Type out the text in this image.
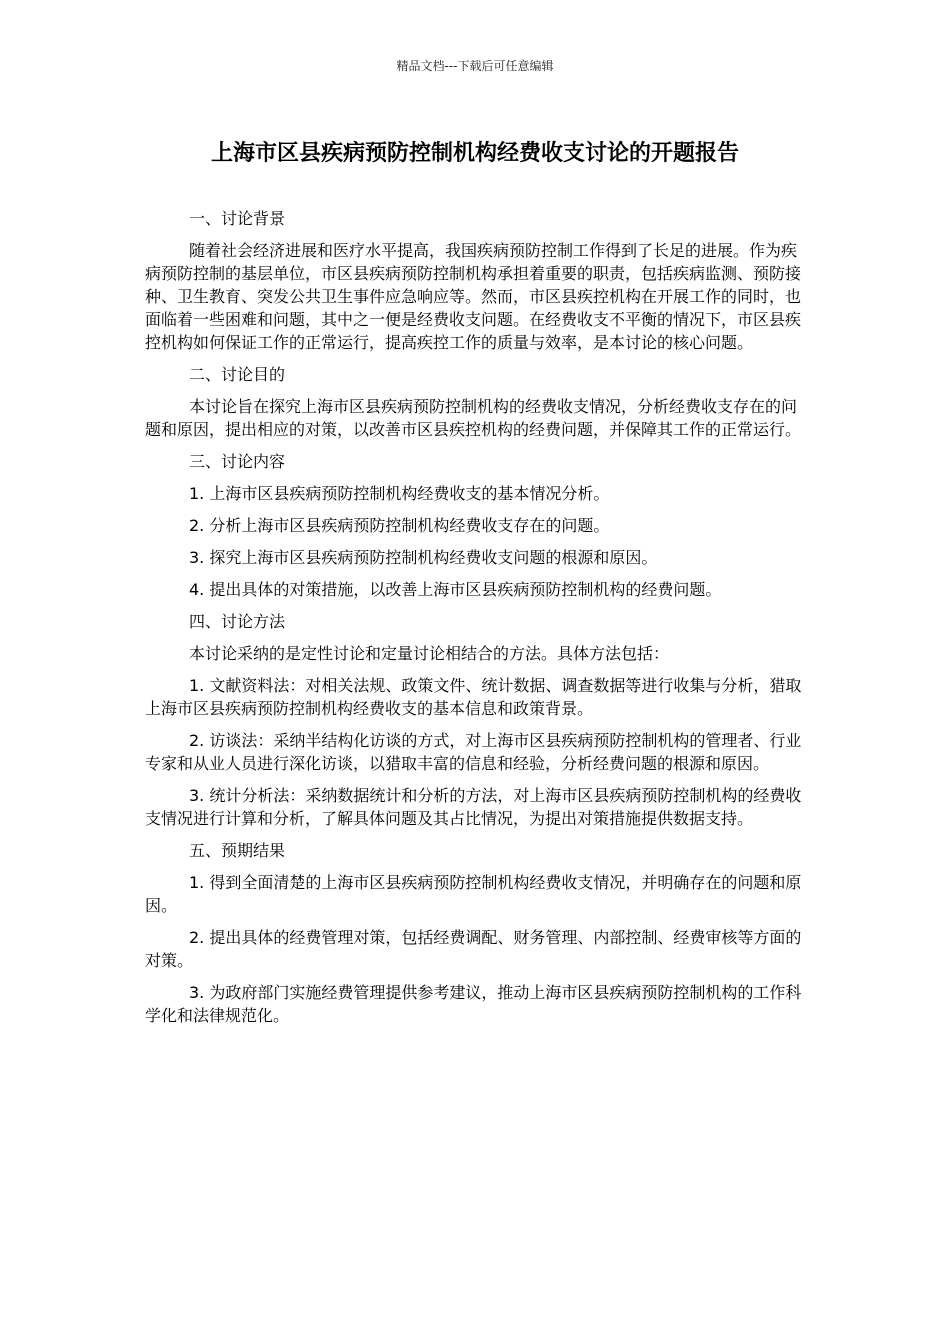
精品文档---下载后可任意编辑
上海市区县疾病预防控制机构经费收支讨论的开题报告

一、讨论背景

随着社会经济进展和医疗水平提高，我国疾病预防控制工作得到了长足的进展。作为疾病预防控制的基层单位，市区县疾病预防控制机构承担着重要的职责，包括疾病监测、预防接种、卫生教育、突发公共卫生事件应急响应等。然而，市区县疾控机构在开展工作的同时，也面临着一些困难和问题，其中之一便是经费收支问题。在经费收支不平衡的情况下，市区县疾控机构如何保证工作的正常运行，提高疾控工作的质量与效率，是本讨论的核心问题。

二、讨论目的

本讨论旨在探究上海市区县疾病预防控制机构的经费收支情况，分析经费收支存在的问题和原因，提出相应的对策，以改善市区县疾控机构的经费问题，并保障其工作的正常运行。

三、讨论内容

1. 上海市区县疾病预防控制机构经费收支的基本情况分析。

2. 分析上海市区县疾病预防控制机构经费收支存在的问题。

3. 探究上海市区县疾病预防控制机构经费收支问题的根源和原因。

4. 提出具体的对策措施，以改善上海市区县疾病预防控制机构的经费问题。

四、讨论方法

本讨论采纳的是定性讨论和定量讨论相结合的方法。具体方法包括：

1. 文献资料法：对相关法规、政策文件、统计数据、调查数据等进行收集与分析，猎取上海市区县疾病预防控制机构经费收支的基本信息和政策背景。

2. 访谈法：采纳半结构化访谈的方式，对上海市区县疾病预防控制机构的管理者、行业专家和从业人员进行深化访谈，以猎取丰富的信息和经验，分析经费问题的根源和原因。

3. 统计分析法：采纳数据统计和分析的方法，对上海市区县疾病预防控制机构的经费收支情况进行计算和分析，了解具体问题及其占比情况，为提出对策措施提供数据支持。

五、预期结果

1. 得到全面清楚的上海市区县疾病预防控制机构经费收支情况，并明确存在的问题和原因。

2. 提出具体的经费管理对策，包括经费调配、财务管理、内部控制、经费审核等方面的对策。

3. 为政府部门实施经费管理提供参考建议，推动上海市区县疾病预防控制机构的工作科学化和法律规范化。
